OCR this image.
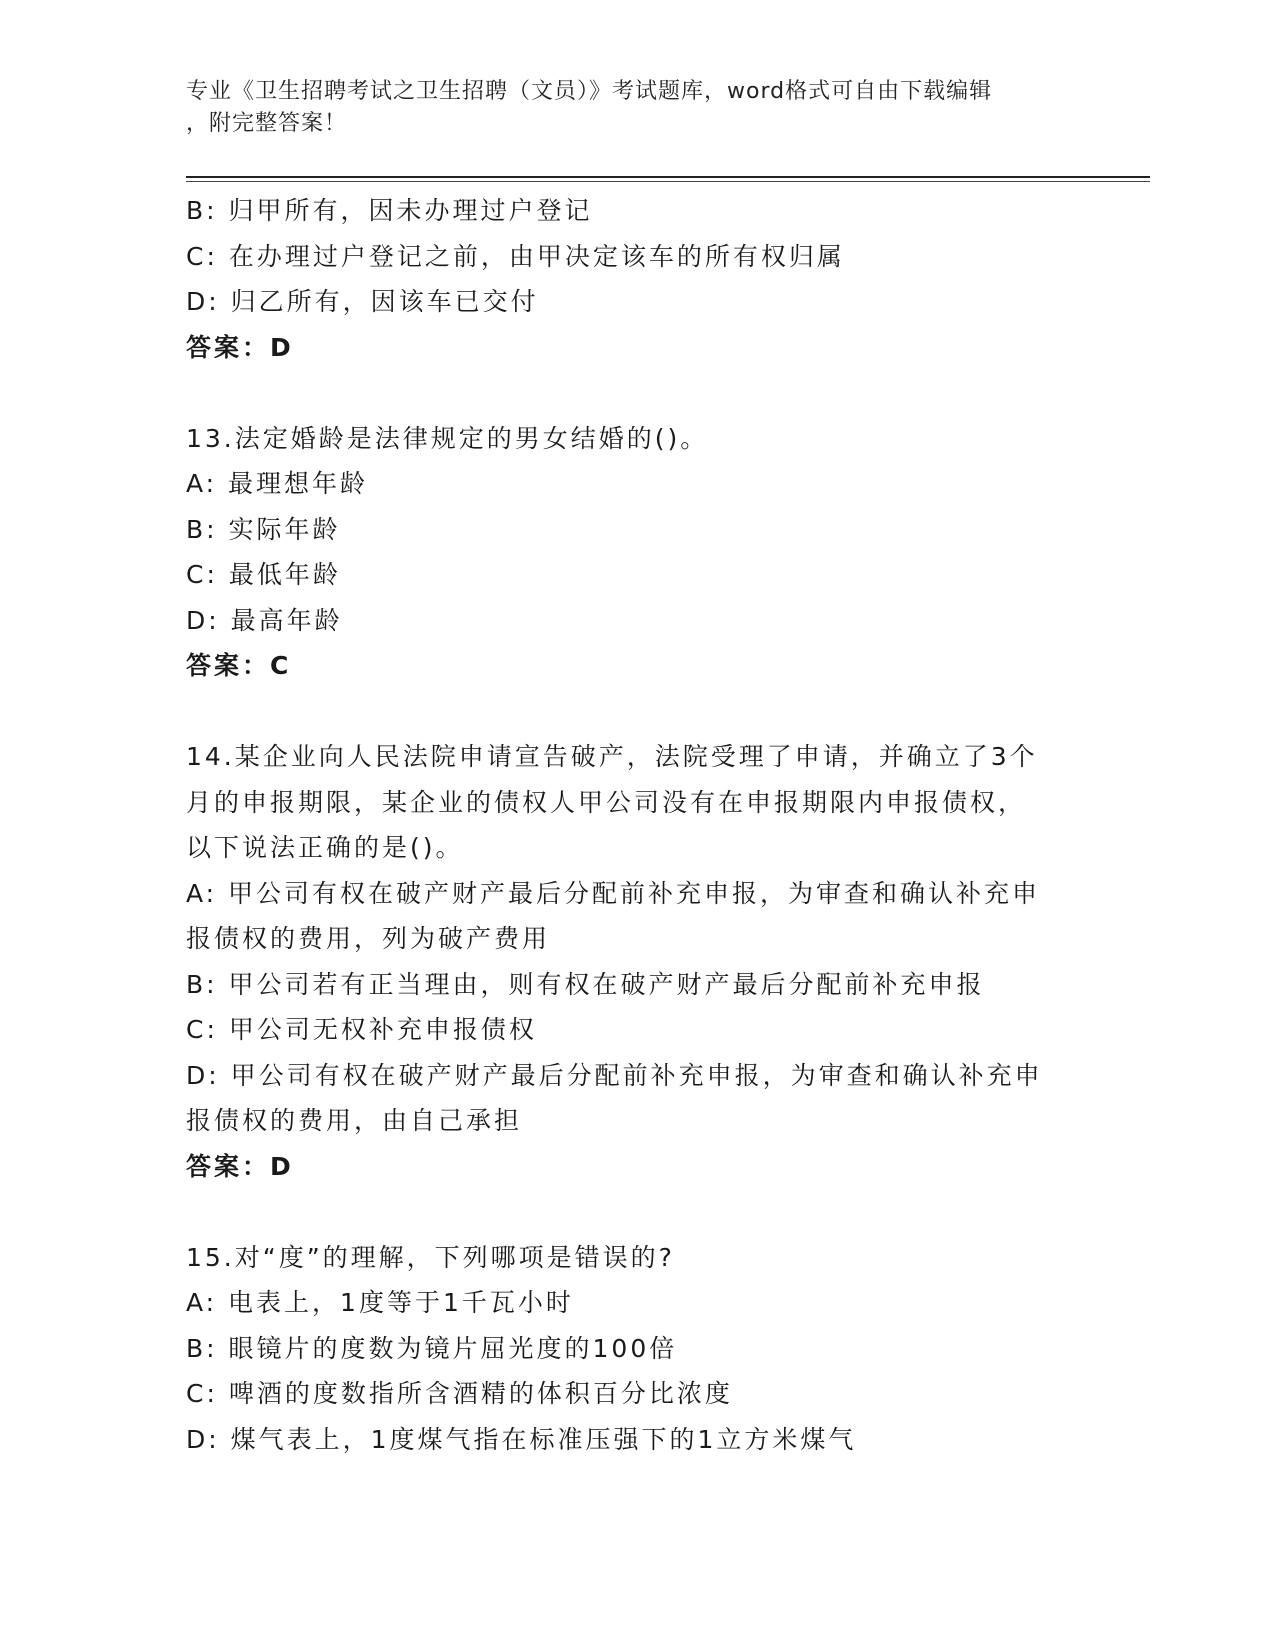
专业《卫生招聘考试之卫生招聘（文员）》考试题库，word格式可自由下载编辑
，附完整答案！

B: 归甲所有，因未办理过户登记

C: 在办理过户登记之前，由甲决定该车的所有权归属

D: 归乙所有，因该车已交付

答案：D

13.法定婚龄是法律规定的男女结婚的()。

A: 最理想年龄

B: 实际年龄

C: 最低年龄

D: 最高年龄

答案：C

14.某企业向人民法院申请宣告破产，法院受理了申请，并确立了3个

月的申报期限，某企业的债权人甲公司没有在申报期限内申报债权，

以下说法正确的是()。

A: 甲公司有权在破产财产最后分配前补充申报，为审查和确认补充申

报债权的费用，列为破产费用

B: 甲公司若有正当理由，则有权在破产财产最后分配前补充申报

C: 甲公司无权补充申报债权

D: 甲公司有权在破产财产最后分配前补充申报，为审查和确认补充申

报债权的费用，由自己承担

答案：D

15.对“度”的理解，下列哪项是错误的?

A: 电表上，1度等于1千瓦小时

B: 眼镜片的度数为镜片屈光度的100倍

C: 啤酒的度数指所含酒精的体积百分比浓度

D: 煤气表上，1度煤气指在标准压强下的1立方米煤气
